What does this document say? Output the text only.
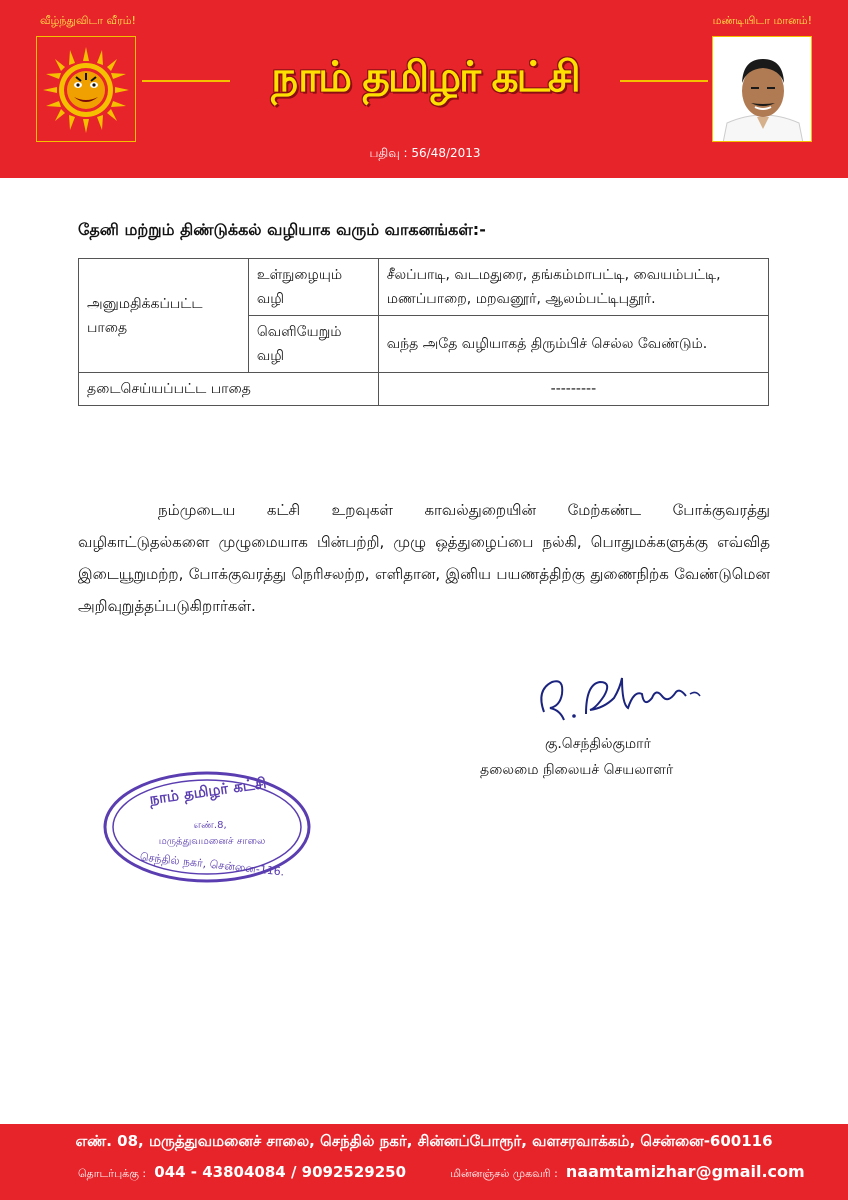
வீழ்ந்துவிடா வீரம்!	மண்டியிடா மானம்!
நாம் தமிழர் கட்சி
பதிவு : 56/48/2013
தேனி மற்றும் திண்டுக்கல் வழியாக வரும் வாகனங்கள்:-
அனுமதிக்கப்பட்ட பாதை	உள்நுழையும் வழி	சீலப்பாடி, வடமதுரை, தங்கம்மாபட்டி, வையம்பட்டி, மணப்பாறை, மறவனூர், ஆலம்பட்டிபுதூர்.
	வெளியேறும் வழி	வந்த அதே வழியாகத் திரும்பிச் செல்ல வேண்டும்.
தடைசெய்யப்பட்ட பாதை		---------

நம்முடைய கட்சி உறவுகள் காவல்துறையின் மேற்கண்ட போக்குவரத்து வழிகாட்டுதல்களை முழுமையாக பின்பற்றி, முழு ஒத்துழைப்பை நல்கி, பொதுமக்களுக்கு எவ்வித இடையூறுமற்ற, போக்குவரத்து நெரிசலற்ற, எளிதான, இனிய பயணத்திற்கு துணைநிற்க வேண்டுமென அறிவுறுத்தப்படுகிறார்கள்.

கு.செந்தில்குமார்
தலைமை நிலையச் செயலாளர்
நாம் தமிழர் கட்சி
எண்.8,
மருத்துவமனைச் சாலை
செந்தில் நகர், சென்னை-116.
எண். 08, மருத்துவமனைச் சாலை, செந்தில் நகர், சின்னப்போரூர், வளசரவாக்கம், சென்னை-600116
தொடர்புக்கு : 044 - 43804084 / 9092529250	மின்னஞ்சல் முகவரி : naamtamizhar@gmail.com
